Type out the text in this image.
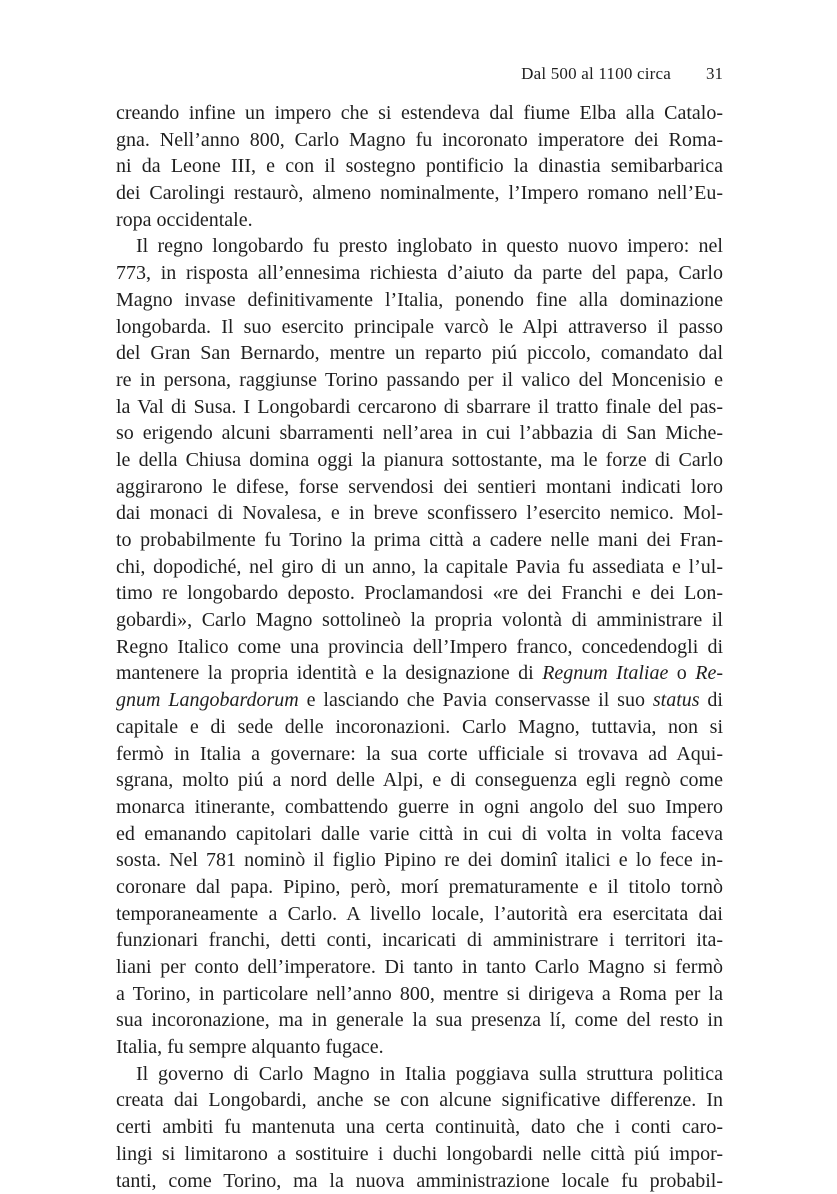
Dal 500 al 1100 circa 31
creando infine un impero che si estendeva dal fiume Elba alla Catalo-
gna. Nell’anno 800, Carlo Magno fu incoronato imperatore dei Roma-
ni da Leone III, e con il sostegno pontificio la dinastia semibarbarica
dei Carolingi restaurò, almeno nominalmente, l’Impero romano nell’Eu-
ropa occidentale.
Il regno longobardo fu presto inglobato in questo nuovo impero: nel
773, in risposta all’ennesima richiesta d’aiuto da parte del papa, Carlo
Magno invase definitivamente l’Italia, ponendo fine alla dominazione
longobarda. Il suo esercito principale varcò le Alpi attraverso il passo
del Gran San Bernardo, mentre un reparto piú piccolo, comandato dal
re in persona, raggiunse Torino passando per il valico del Moncenisio e
la Val di Susa. I Longobardi cercarono di sbarrare il tratto finale del pas-
so erigendo alcuni sbarramenti nell’area in cui l’abbazia di San Miche-
le della Chiusa domina oggi la pianura sottostante, ma le forze di Carlo
aggirarono le difese, forse servendosi dei sentieri montani indicati loro
dai monaci di Novalesa, e in breve sconfissero l’esercito nemico. Mol-
to probabilmente fu Torino la prima città a cadere nelle mani dei Fran-
chi, dopodiché, nel giro di un anno, la capitale Pavia fu assediata e l’ul-
timo re longobardo deposto. Proclamandosi «re dei Franchi e dei Lon-
gobardi», Carlo Magno sottolineò la propria volontà di amministrare il
Regno Italico come una provincia dell’Impero franco, concedendogli di
mantenere la propria identità e la designazione di Regnum Italiae o Re-
gnum Langobardorum e lasciando che Pavia conservasse il suo status di
capitale e di sede delle incoronazioni. Carlo Magno, tuttavia, non si
fermò in Italia a governare: la sua corte ufficiale si trovava ad Aqui-
sgrana, molto piú a nord delle Alpi, e di conseguenza egli regnò come
monarca itinerante, combattendo guerre in ogni angolo del suo Impero
ed emanando capitolari dalle varie città in cui di volta in volta faceva
sosta. Nel 781 nominò il figlio Pipino re dei dominî italici e lo fece in-
coronare dal papa. Pipino, però, morí prematuramente e il titolo tornò
temporaneamente a Carlo. A livello locale, l’autorità era esercitata dai
funzionari franchi, detti conti, incaricati di amministrare i territori ita-
liani per conto dell’imperatore. Di tanto in tanto Carlo Magno si fermò
a Torino, in particolare nell’anno 800, mentre si dirigeva a Roma per la
sua incoronazione, ma in generale la sua presenza lí, come del resto in
Italia, fu sempre alquanto fugace.
Il governo di Carlo Magno in Italia poggiava sulla struttura politica
creata dai Longobardi, anche se con alcune significative differenze. In
certi ambiti fu mantenuta una certa continuità, dato che i conti caro-
lingi si limitarono a sostituire i duchi longobardi nelle città piú impor-
tanti, come Torino, ma la nuova amministrazione locale fu probabil-
